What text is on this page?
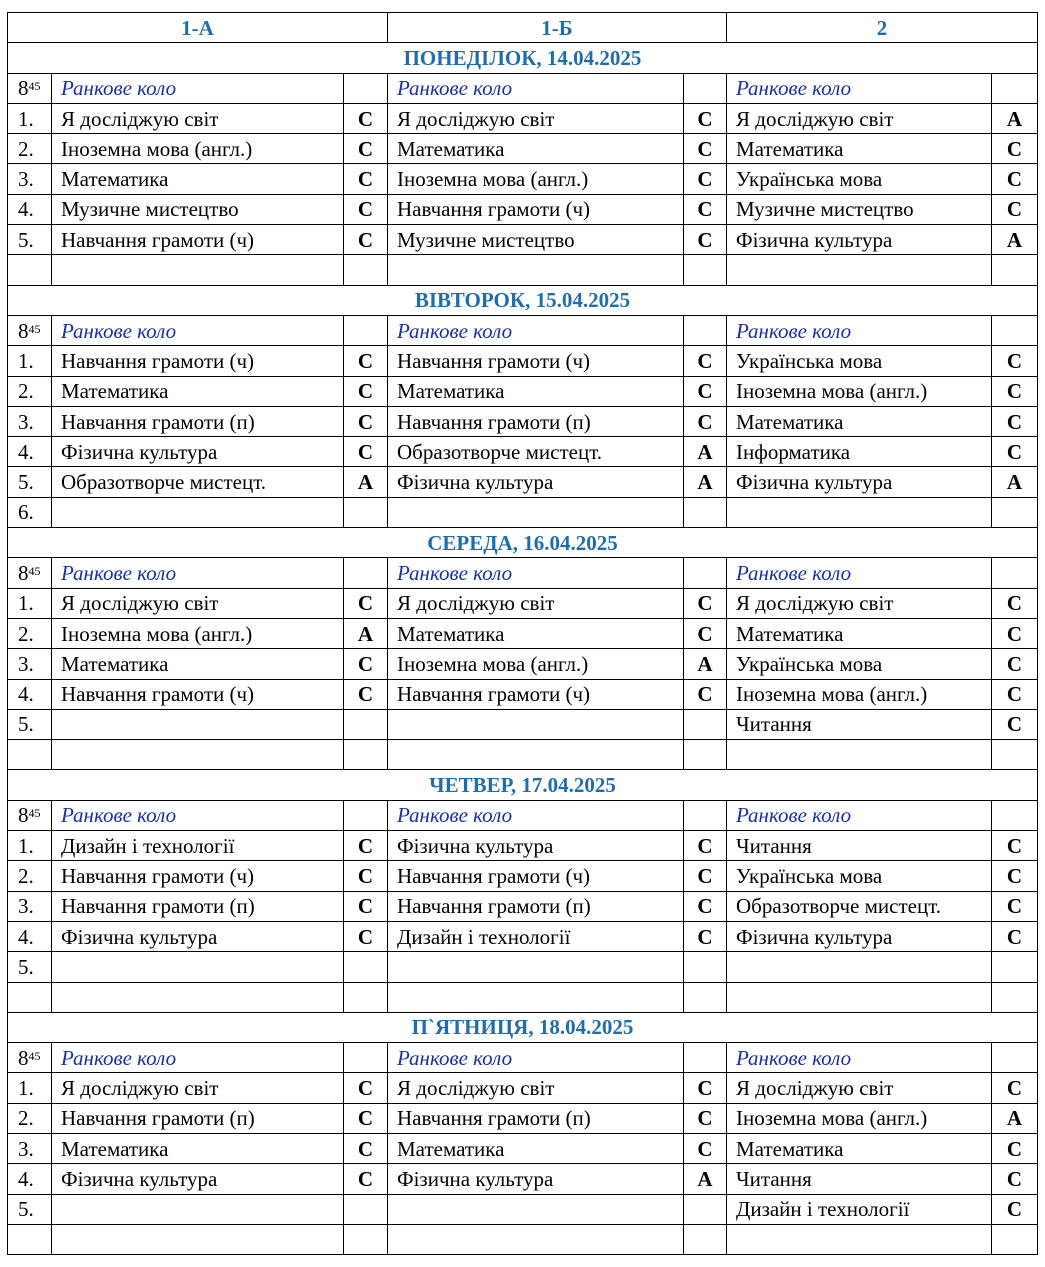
1-А			1-Б		2	
ПОНЕДІЛОК, 14.04.2025						
$8^{45}$	Ранкове коло		Ранкове коло		Ранкове коло	
1.	Я досліджую світ	С	Я досліджую світ	С	Я досліджую світ	А
2.	Іноземна мова (англ.)	С	Математика	С	Математика	С
3.	Математика	С	Іноземна мова (англ.)	С	Українська мова	С
4.	Музичне мистецтво	С	Навчання грамоти (ч)	С	Музичне мистецтво	С
5.	Навчання грамоти (ч)	С	Музичне мистецтво	С	Фізична культура	А

ВІВТОРОК, 15.04.2025						
$8^{45}$	Ранкове коло		Ранкове коло		Ранкове коло	
1.	Навчання грамоти (ч)	С	Навчання грамоти (ч)	С	Українська мова	С
2.	Математика	С	Математика	С	Іноземна мова (англ.)	С
3.	Навчання грамоти (п)	С	Навчання грамоти (п)	С	Математика	С
4.	Фізична культура	С	Образотворче мистецт.	А	Інформатика	С
5.	Образотворче мистецт.	А	Фізична культура	А	Фізична культура	А
6.						
СЕРЕДА, 16.04.2025						
$8^{45}$	Ранкове коло		Ранкове коло		Ранкове коло	
1.	Я досліджую світ	С	Я досліджую світ	С	Я досліджую світ	С
2.	Іноземна мова (англ.)	А	Математика	С	Математика	С
3.	Математика	С	Іноземна мова (англ.)	А	Українська мова	С
4.	Навчання грамоти (ч)	С	Навчання грамоти (ч)	С	Іноземна мова (англ.)	С
5.					Читання	С

ЧЕТВЕР, 17.04.2025						
$8^{45}$	Ранкове коло		Ранкове коло		Ранкове коло	
1.	Дизайн і технології	С	Фізична культура	С	Читання	С
2.	Навчання грамоти (ч)	С	Навчання грамоти (ч)	С	Українська мова	С
3.	Навчання грамоти (п)	С	Навчання грамоти (п)	С	Образотворче мистецт.	С
4.	Фізична культура	С	Дизайн і технології	С	Фізична культура	С
5.						

П`ЯТНИЦЯ, 18.04.2025						
$8^{45}$	Ранкове коло		Ранкове коло		Ранкове коло	
1.	Я досліджую світ	С	Я досліджую світ	С	Я досліджую світ	С
2.	Навчання грамоти (п)	С	Навчання грамоти (п)	С	Іноземна мова (англ.)	А
3.	Математика	С	Математика	С	Математика	С
4.	Фізична культура	С	Фізична культура	А	Читання	С
5.					Дизайн і технології	С
